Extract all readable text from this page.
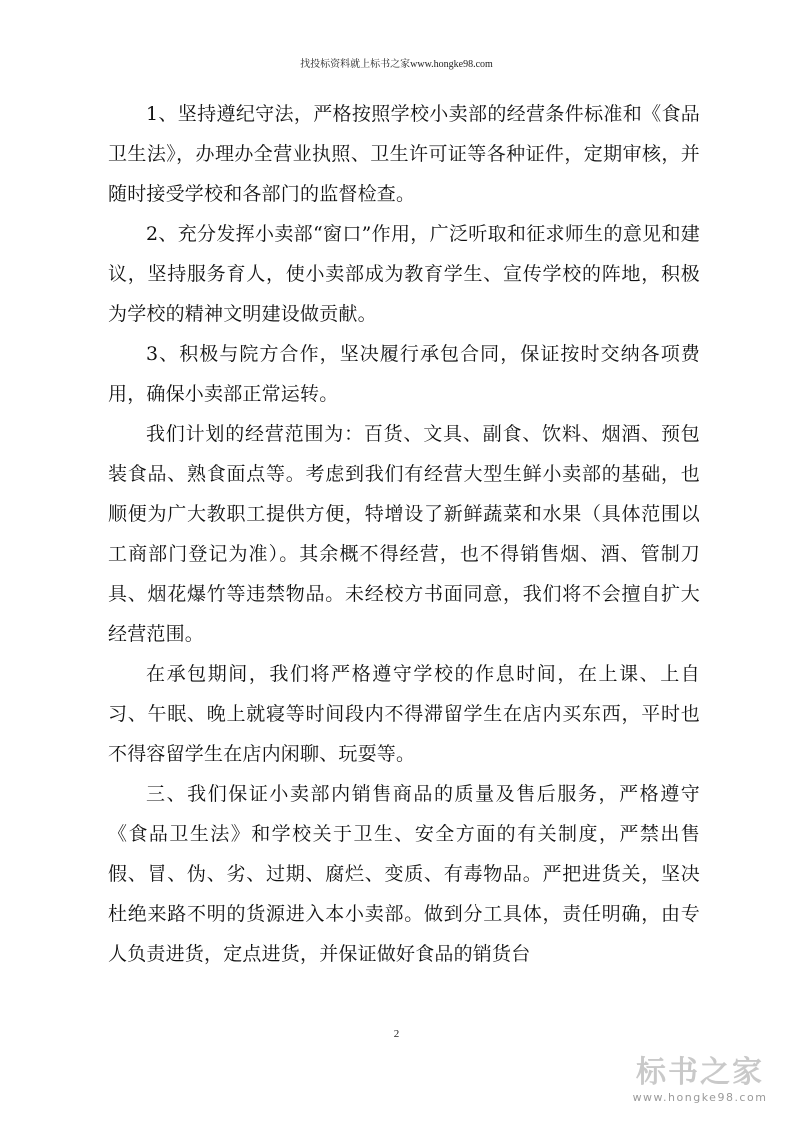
找投标资料就上标书之家www.hongke98.com

1、坚持遵纪守法，严格按照学校小卖部的经营条件标准和《食品卫生法》，办理办全营业执照、卫生许可证等各种证件，定期审核，并随时接受学校和各部门的监督检查。

2、充分发挥小卖部“窗口”作用，广泛听取和征求师生的意见和建议，坚持服务育人，使小卖部成为教育学生、宣传学校的阵地，积极为学校的精神文明建设做贡献。

3、积极与院方合作，坚决履行承包合同，保证按时交纳各项费用，确保小卖部正常运转。

我们计划的经营范围为：百货、文具、副食、饮料、烟酒、预包装食品、熟食面点等。考虑到我们有经营大型生鲜小卖部的基础，也顺便为广大教职工提供方便，特增设了新鲜蔬菜和水果（具体范围以工商部门登记为准）。其余概不得经营，也不得销售烟、酒、管制刀具、烟花爆竹等违禁物品。未经校方书面同意，我们将不会擅自扩大经营范围。

在承包期间，我们将严格遵守学校的作息时间，在上课、上自习、午眠、晚上就寝等时间段内不得滞留学生在店内买东西，平时也不得容留学生在店内闲聊、玩耍等。

三、我们保证小卖部内销售商品的质量及售后服务，严格遵守《食品卫生法》和学校关于卫生、安全方面的有关制度，严禁出售假、冒、伪、劣、过期、腐烂、变质、有毒物品。严把进货关，坚决杜绝来路不明的货源进入本小卖部。做到分工具体，责任明确，由专人负责进货，定点进货，并保证做好食品的销货台

2
标书之家
www.hongke98.com
